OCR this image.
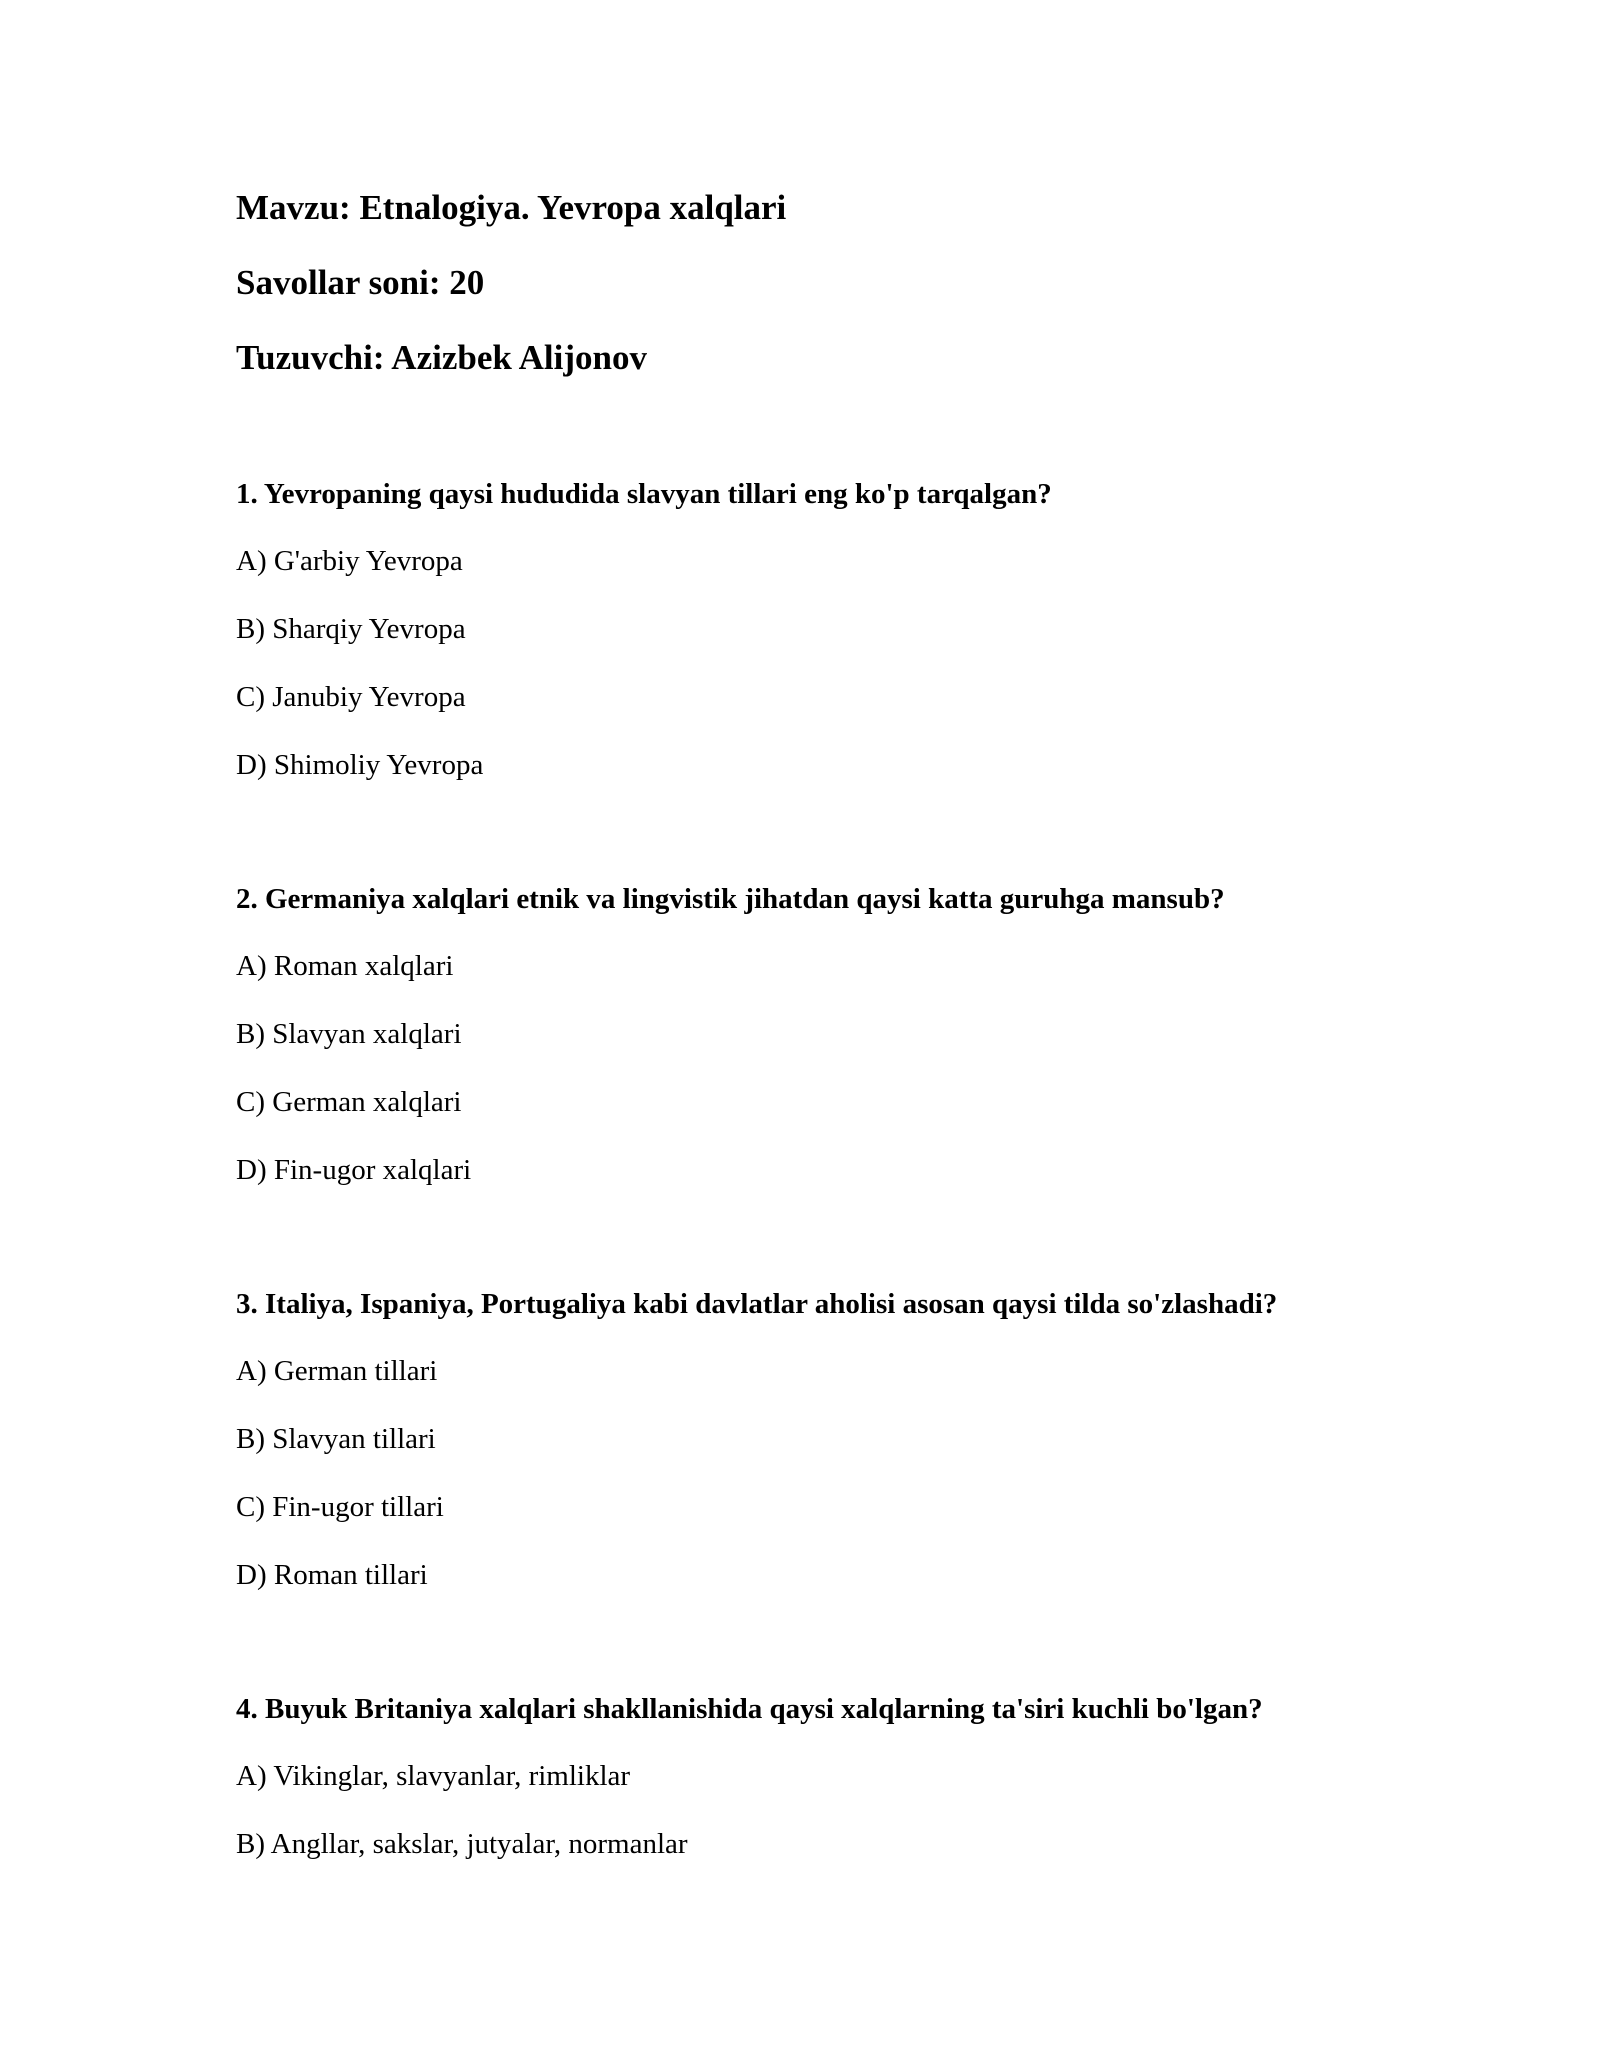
Mavzu: Etnalogiya. Yevropa xalqlari
Savollar soni: 20
Tuzuvchi: Azizbek Alijonov
1. Yevropaning qaysi hududida slavyan tillari eng ko'p tarqalgan?
A) G'arbiy Yevropa
B) Sharqiy Yevropa
C) Janubiy Yevropa
D) Shimoliy Yevropa
2. Germaniya xalqlari etnik va lingvistik jihatdan qaysi katta guruhga mansub?
A) Roman xalqlari
B) Slavyan xalqlari
C) German xalqlari
D) Fin-ugor xalqlari
3. Italiya, Ispaniya, Portugaliya kabi davlatlar aholisi asosan qaysi tilda so'zlashadi?
A) German tillari
B) Slavyan tillari
C) Fin-ugor tillari
D) Roman tillari
4. Buyuk Britaniya xalqlari shakllanishida qaysi xalqlarning ta'siri kuchli bo'lgan?
A) Vikinglar, slavyanlar, rimliklar
B) Angllar, sakslar, jutyalar, normanlar
